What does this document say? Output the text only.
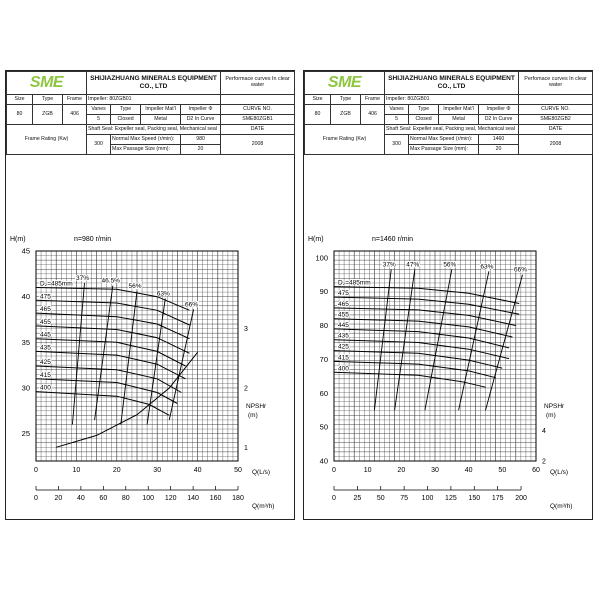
SME			SHIJIAZHUANG MINERALS EQUIPMENT CO., LTD				Performace curves In clear water
Size	Type	Frame	Impeller: 80ZGB01				
80	ZGB	406	Vanes	Type	Impeller Mat'l	Impeller Φ	CURVE NO.
			5	Closed	Metal	D2 In Curve	SME80ZGB1
Frame Rating (Kw)			Shaft Seal: Expeller seal, Packing seal, Mechanical seal				DATE
			300	Normal Max Speed (r/min):		980	2008
				Max Passage Size (mm):		20	
H(m)	n=980 r/min
Q(L/s)
Q(m³/h)
NPSHr
(m)
25
30
35
40
45
0	10	20	30	40	50
1
2
3
0 20 40 60 80 100 120 140 160 180
D₂=485mm
475
465
455
445
435
425
415
400
37% 46.5%
56%
63%
66%
SME			SHIJIAZHUANG MINERALS EQUIPMENT CO., LTD				Perfomace curves In clear water
Size	Type	Frame	Impeller: 80ZGB01				
80	ZGB	406	Vanes	Type	Impeller Mat'l	Impeller Φ	CURVE NO.
			5	Closed	Metal	D2 In Curve	SME80ZGB2
Frame Rating (Kw)			Shaft Seal: Expeller seal, Packing seal, Mechanical seal				DATE
			300	Normal Max Speed (r/min):		1460	2008
				Max Passage Size (mm):		20	
H(m)	n=1460 r/min
Q(L/s)
Q(m³/h)
NPSHr
(m)
40
50
60
70
80
90
100
0	10	20	30	40	50	60
2
4
0	25 50 75 100 125 150 175 200
D₂=485mm
475
465
455
445
435
425
415
400
37% 47%	56%	63%	66%
